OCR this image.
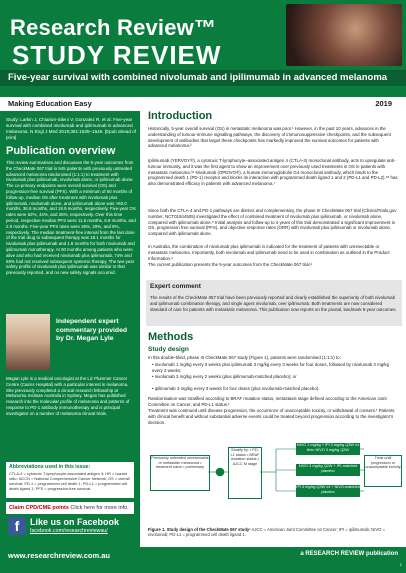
Research Review™
STUDY REVIEW
Five-year survival with combined nivolumab and ipilimumab in advanced melanoma
Making Education Easy	2019
Study: Larkin J, Chiarion-Sileni V, Gonzalez R, et al. Five-year survival with combined nivolumab and ipilimumab in advanced melanoma. N Engl J Med 2019;381:1535–1546. [Epub ahead of print]
Publication overview
This review summarises and discusses the 5-year outcomes from the CheckMate 067 trial in 945 patients with previously untreated advanced melanoma randomised (1:1:1) to treatment with nivolumab plus ipilimumab, nivolumab alone, or ipilimumab alone. The co-primary endpoints were overall survival (OS) and progression-free survival (PFS). With a minimum of 60 months of follow-up, median OS after treatment with nivolumab plus ipilimumab, nivolumab alone, and ipilimumab alone was >60.0 months, 36.9 months, and 19.9 months, respectively. Five-year OS rates were 52%, 44%, and 26%, respectively. Over this time period, respective median PFS were 11.5 months, 6.9 months, and 2.9 months. Five-year PFS rates were 36%, 29%, and 8%, respectively. The median treatment-free interval from the last dose of the trial drug to subsequent therapy was 18.1 months for nivolumab plus ipilimumab and 1.8 months for both nivolumab and ipilimumab monotherapy. At 60 months among patients who were alive and who had received nivolumab plus ipilimumab, 74% and 58% had not received subsequent systemic therapy. The two-year safety profile of nivolumab plus ipilimumab was similar to that previously reported, and no new safety signals occurred.
Independent expert commentary provided by Dr. Megan Lyle
Megan Lyle is a medical oncologist at the Liz Plummer Cancer Centre (Cairns Hospital) with a particular interest in melanoma. She previously completed a clinical research fellowship at Melanoma Institute Australia in Sydney. Megan has published research into the molecular profile of melanoma and patterns of response to PD-1 antibody immunotherapy and is principal investigator on a number of melanoma clinical trials.
Abbreviations used in this issue:
CTLA-4 = cytotoxic T-lymphocyte-associated antigen 4; HR = hazard ratio; NCCN = National Comprehensive Cancer Network; OS = overall survival; PD-1 = programmed cell death 1; PD-L1 = programmed cell death ligand 1; PFS = progression-free survival.
Claim CPD/CME points Click here for more info.
f	Like us on Facebook
facebook.com/researchreviewau/
Introduction
Historically, 5-year overall survival (OS) in metastatic melanoma was poor.¹ However, in the past 10 years, advances in the understanding of tumour-immune signalling pathways, the discovery of immunosuppressive checkpoints, and the subsequent development of antibodies that target these checkpoints has markedly improved the survival outcomes for patients with advanced melanoma.²
Ipilimumab (YERVOY®), a cytotoxic T-lymphocyte–associated antigen 4 (CTLA-4) monoclonal antibody, acts to upregulate anti-tumour immunity, and it was the first agent to show an improvement over previously used treatments in OS in patients with metastatic melanoma.³⁴ Nivolumab (OPDIVO®), a human immunoglobulin G4 monoclonal antibody, which binds to the programmed death 1 (PD-1) receptor and blocks its interaction with programmed death ligand 1 and 2 (PD-L1 and PD-L2),⁵⁶ has also demonstrated efficacy in patients with advanced melanoma.⁷
Since both the CTLA-4 and PD-1 pathways are distinct and complementary, the phase III CheckMate 067 trial (ClinicalTrials.gov number, NCT01844505) investigated the effect of combined treatment of nivolumab plus ipilimumab, or nivolumab alone, compared with ipilimumab alone.⁸ Initial analysis and follow-up to 4 years of this trial demonstrated a significant improvement in OS, progression free survival (PFS), and objective response rates (ORR) with nivolumab plus ipilimumab or nivolumab alone, compared with ipilimumab alone.
In Australia, the combination of nivolumab plus ipilimumab is indicated for the treatment of patients with unresectable or metastatic melanoma. Importantly, both nivolumab and ipilimumab need to be used in combination as outlined in the Product Information.⁹
The current publication presents the 5-year outcomes from the CheckMate 067 trial.¹
Expert comment
The results of the CheckMate 067 trial have been previously reported and clearly established the superiority of both nivolumab and ipilimumab combination therapy, and single agent nivolumab, over ipilimumab. Both treatments are now considered standard of care for patients with metastatic melanoma. This publication now reports on the pivotal, landmark 5-year outcomes.
Methods
Study design
In this double-blind, phase III CheckMate 067 study (Figure 1), patients were randomised (1:1:1) to:
• nivolumab 1 mg/kg every 3 weeks plus ipilimumab 3 mg/kg every 3 weeks for four doses, followed by nivolumab 3 mg/kg every 2 weeks;
• nivolumab 3 mg/kg every 2 weeks (plus ipilimumab-matched placebo); or
• ipilimumab 3 mg/kg every 3 weeks for four doses (plus nivolumab-matched placebo).
Randomisation was stratified according to BRAF mutation status, metastasis stage defined according to the American Joint Committee on Cancer, and PD-L1 status.¹
Treatment was continued until disease progression, the occurrence of unacceptable toxicity, or withdrawal of consent.¹ Patients with clinical benefit and without substantial adverse events could be treated beyond progression according to the investigator's decision.
Previously untreated unresectable or metastatic melanoma • treatment naive • preliminary
Stratify by: • PD-L1 status • BRAF mutation status • AJCC M stage
NIVO 1 mg/kg + IPI 3 mg/kg Q3W x4 then NIVO 3 mg/kg Q2W
NIVO 3 mg/kg Q2W + IPI-matched placebo
IPI 3 mg/kg Q3W x4 + NIVO-matched placebo
Treat until progression or unacceptable toxicity
Figure 1. Study design of the CheckMate 067 study¹ AJCC = American Joint Committee on Cancer; IPI = ipilimumab; NIVO = nivolumab; PD-L1 = programmed cell death ligand 1.
www.researchreview.com.au	a RESEARCH REVIEW publication
1
